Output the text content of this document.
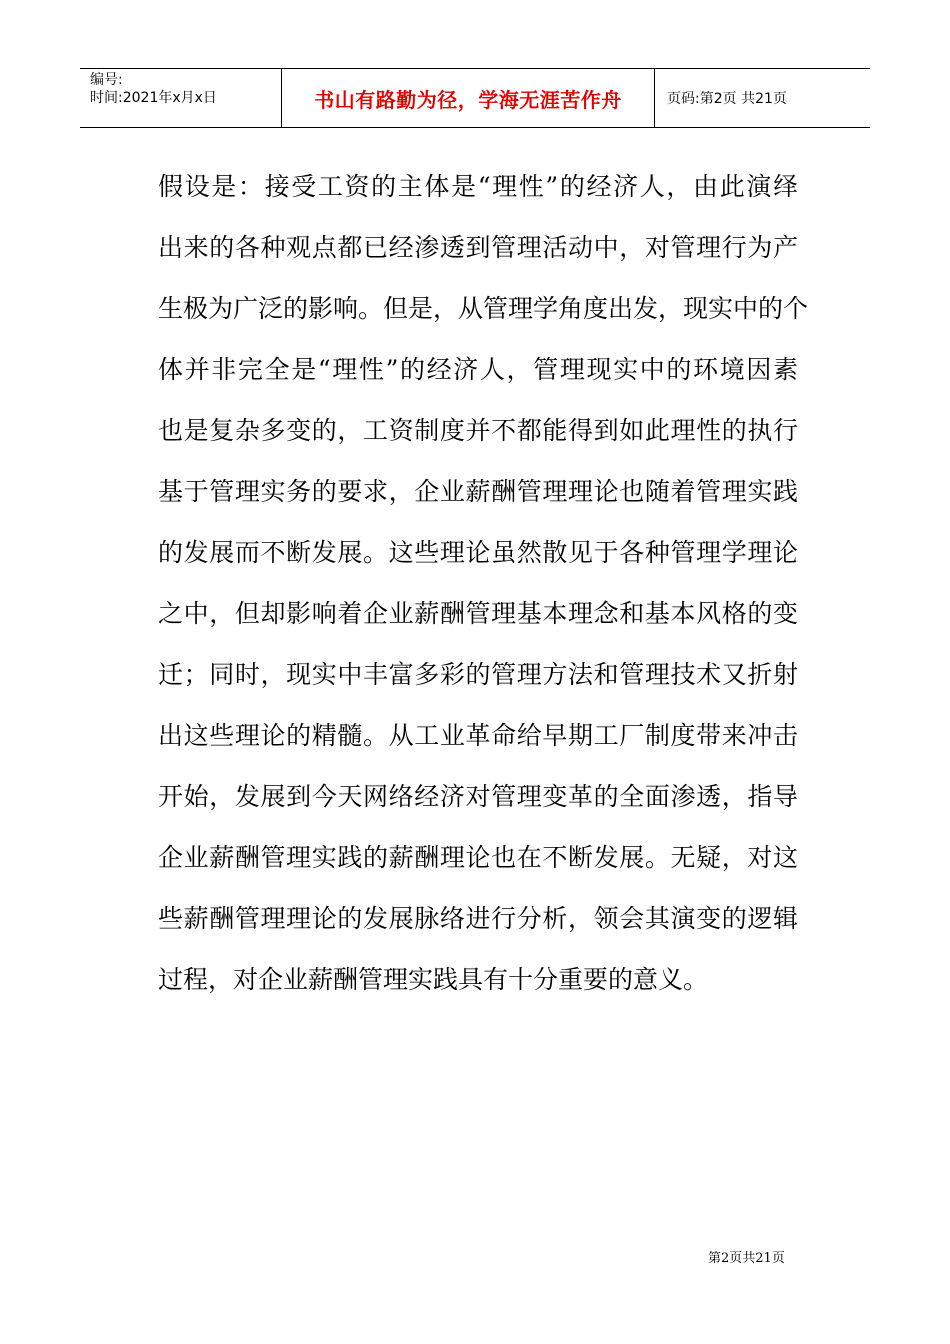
编号:
时间:2021年x月x日	书山有路勤为径，学海无涯苦作舟	页码:第2页 共21页
假设是：接受工资的主体是“理性”的经济人，由此演绎
出来的各种观点都已经渗透到管理活动中，对管理行为产
生极为广泛的影响。但是，从管理学角度出发，现实中的个
体并非完全是“理性”的经济人，管理现实中的环境因素
也是复杂多变的，工资制度并不都能得到如此理性的执行
基于管理实务的要求，企业薪酬管理理论也随着管理实践
的发展而不断发展。这些理论虽然散见于各种管理学理论
之中，但却影响着企业薪酬管理基本理念和基本风格的变
迁；同时，现实中丰富多彩的管理方法和管理技术又折射
出这些理论的精髓。从工业革命给早期工厂制度带来冲击
开始，发展到今天网络经济对管理变革的全面渗透，指导
企业薪酬管理实践的薪酬理论也在不断发展。无疑，对这
些薪酬管理理论的发展脉络进行分析，领会其演变的逻辑
过程，对企业薪酬管理实践具有十分重要的意义。
第2页共21页
